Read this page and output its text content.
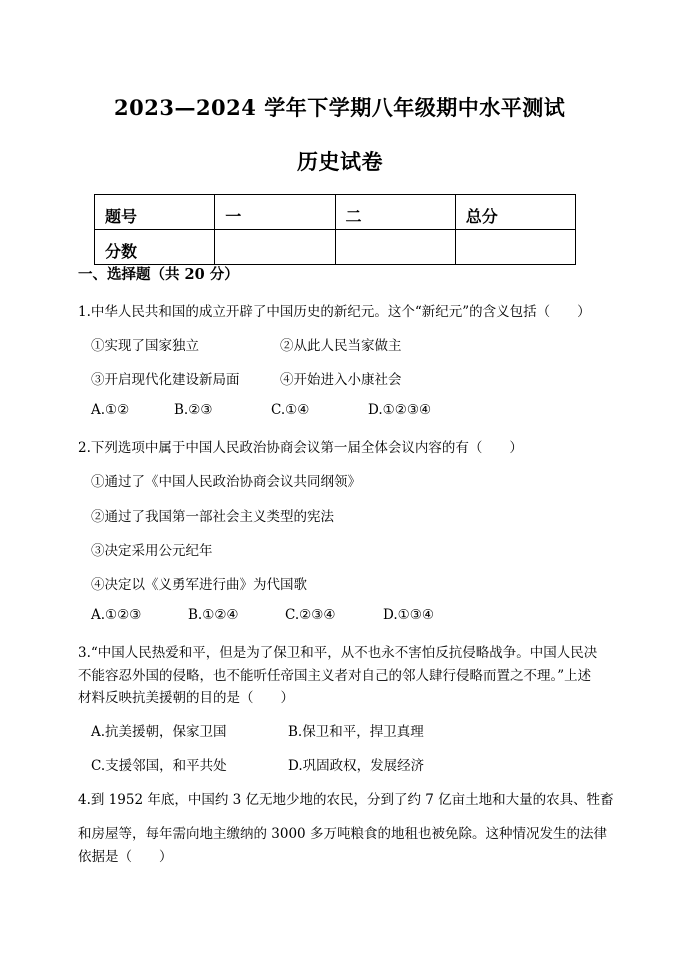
2023—2024 学年下学期八年级期中水平测试
历史试卷
题号	一	二	总分
分数			
一、选择题（共 20 分）
1.中华人民共和国的成立开辟了中国历史的新纪元。这个“新纪元”的含义包括（　　）
①实现了国家独立	②从此人民当家做主
③开启现代化建设新局面	④开始进入小康社会
A.①②	B.②③	C.①④	D.①②③④
2.下列选项中属于中国人民政治协商会议第一届全体会议内容的有（　　）
①通过了《中国人民政治协商会议共同纲领》
②通过了我国第一部社会主义类型的宪法
③决定采用公元纪年
④决定以《义勇军进行曲》为代国歌
A.①②③	B.①②④	C.②③④	D.①③④
3.“中国人民热爱和平，但是为了保卫和平，从不也永不害怕反抗侵略战争。中国人民决
不能容忍外国的侵略，也不能听任帝国主义者对自己的邻人肆行侵略而置之不理。”上述
材料反映抗美援朝的目的是（　　）
A.抗美援朝，保家卫国	B.保卫和平，捍卫真理
C.支援邻国，和平共处	D.巩固政权，发展经济
4.到 1952 年底，中国约 3 亿无地少地的农民，分到了约 7 亿亩土地和大量的农具、牲畜
和房屋等，每年需向地主缴纳的 3000 多万吨粮食的地租也被免除。这种情况发生的法律
依据是（　　）
